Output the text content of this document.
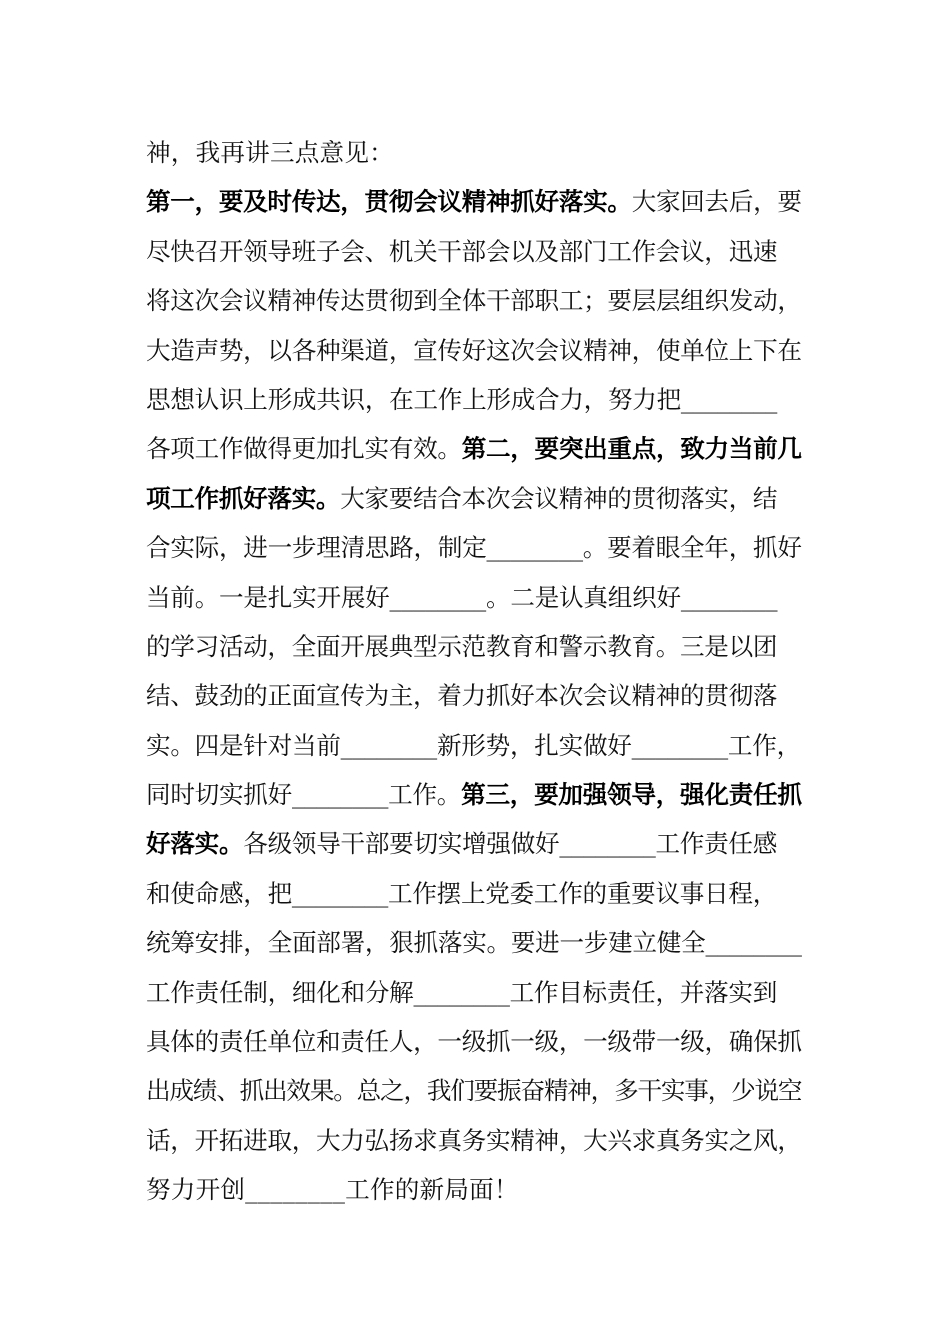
神，我再讲三点意见：
第一，要及时传达，贯彻会议精神抓好落实。大家回去后，要
尽快召开领导班子会、机关干部会以及部门工作会议，迅速
将这次会议精神传达贯彻到全体干部职工；要层层组织发动，
大造声势，以各种渠道，宣传好这次会议精神，使单位上下在
思想认识上形成共识，在工作上形成合力，努力把________
各项工作做得更加扎实有效。第二，要突出重点，致力当前几
项工作抓好落实。大家要结合本次会议精神的贯彻落实，结
合实际，进一步理清思路，制定________。要着眼全年，抓好
当前。一是扎实开展好________。二是认真组织好________
的学习活动，全面开展典型示范教育和警示教育。三是以团
结、鼓劲的正面宣传为主，着力抓好本次会议精神的贯彻落
实。四是针对当前________新形势，扎实做好________工作，
同时切实抓好________工作。第三，要加强领导，强化责任抓
好落实。各级领导干部要切实增强做好________工作责任感
和使命感，把________工作摆上党委工作的重要议事日程，
统筹安排，全面部署，狠抓落实。要进一步建立健全________
工作责任制，细化和分解________工作目标责任，并落实到
具体的责任单位和责任人，一级抓一级，一级带一级，确保抓
出成绩、抓出效果。总之，我们要振奋精神，多干实事，少说空
话，开拓进取，大力弘扬求真务实精神，大兴求真务实之风，
努力开创________工作的新局面！
